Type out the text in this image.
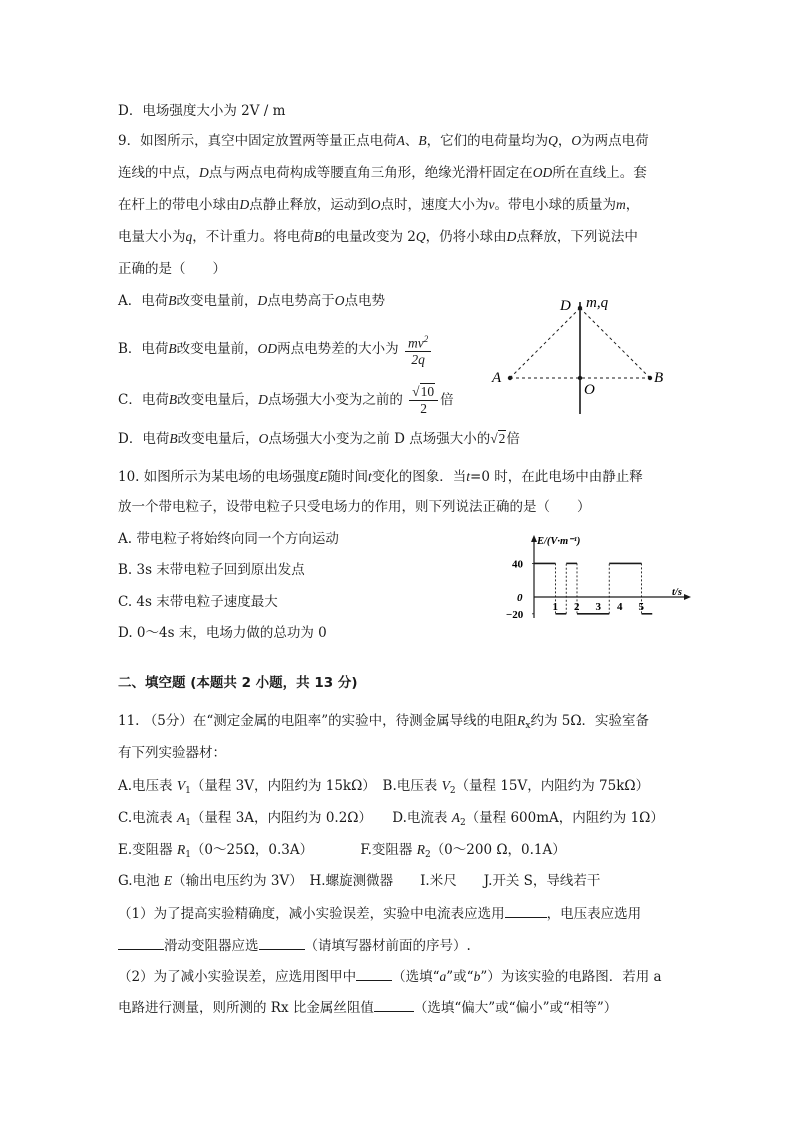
D．电场强度大小为 2V / m
9．如图所示，真空中固定放置两等量正点电荷A、B，它们的电荷量均为Q，O为两点电荷
连线的中点，D点与两点电荷构成等腰直角三角形，绝缘光滑杆固定在OD所在直线上。套
在杆上的带电小球由D点静止释放，运动到O点时，速度大小为v。带电小球的质量为m，
电量大小为q，不计重力。将电荷B的电量改变为 2Q，仍将小球由D点释放，下列说法中
正确的是（　　）
A．电荷B改变电量前，D点电势高于O点电势
B．电荷B改变电量前，OD两点电势差的大小为 $\frac{mv^2}{2q}$
C．电荷B改变电量后，D点场强大小变为之前的 $\frac{√10}{2}$ 倍
D．电荷B改变电量后，O点场强大小变为之前 D 点场强大小的√2倍
D m,q
A	B
O
10. 如图所示为某电场的电场强度E随时间t变化的图象．当t=0 时，在此电场中由静止释
放一个带电粒子，设带电粒子只受电场力的作用，则下列说法正确的是（　　）
A. 带电粒子将始终向同一个方向运动
B. 3s 末带电粒子回到原出发点
C. 4s 末带电粒子速度最大
D. 0～4s 末，电场力做的总功为 0
1 2 3 4 5
40
0
−20
E/(V·m⁻¹)
t/s
二、填空题 (本题共 2 小题，共 13 分)
11. （5分）在“测定金属的电阻率”的实验中，待测金属导线的电阻$R_x$约为 5Ω．实验室备
有下列实验器材：
A.电压表 $V_1$（量程 3V，内阻约为 15kΩ）　B.电压表 $V_2$（量程 15V，内阻约为 75kΩ）
C.电流表 $A_1$（量程 3A，内阻约为 0.2Ω）　　D.电流表 $A_2$（量程 600mA，内阻约为 1Ω）
E.变阻器 $R_1(0\sim 25\Omega$，0.3A）　　　　F.变阻器 $R_2(0\sim 200$ Ω，0.1A）
G.电池 E（输出电压约为 3V）　H.螺旋测微器　　I.米尺　　J.开关 S，导线若干
（1）为了提高实验精确度，减小实验误差，实验中电流表应选用	，电压表应选用
滑动变阻器应选	（请填写器材前面的序号）.
（2）为了减小实验误差，应选用图甲中	（选填“a”或“b”）为该实验的电路图．若用 a
电路进行测量，则所测的 Rx 比金属丝阻值	（选填“偏大”或“偏小”或“相等”）
